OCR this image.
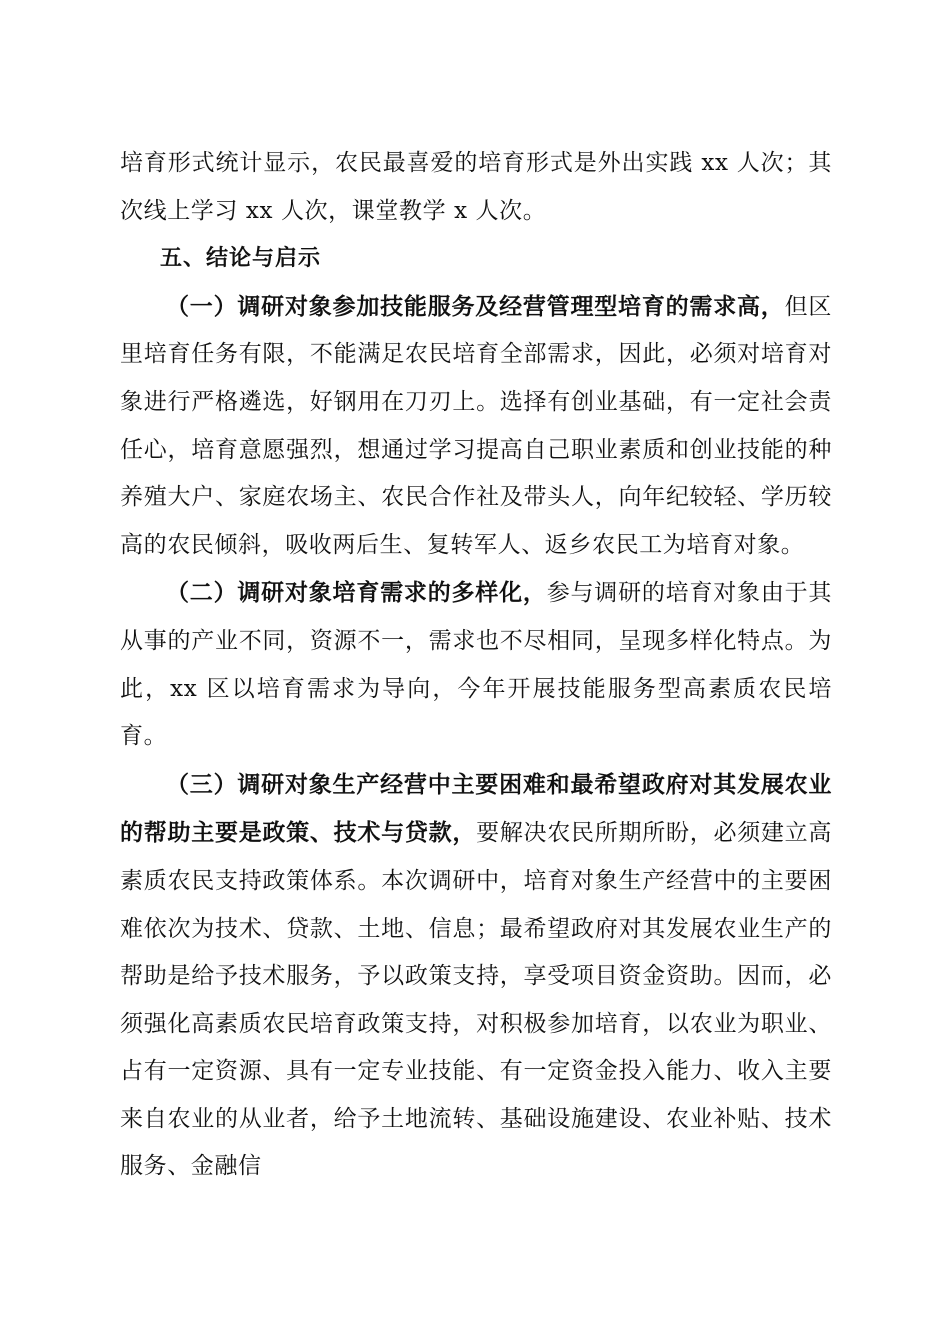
培育形式统计显示，农民最喜爱的培育形式是外出实践 xx 人次；其次线上学习 xx 人次，课堂教学 x 人次。

五、结论与启示

（一）调研对象参加技能服务及经营管理型培育的需求高，但区里培育任务有限，不能满足农民培育全部需求，因此，必须对培育对象进行严格遴选，好钢用在刀刃上。选择有创业基础，有一定社会责任心，培育意愿强烈，想通过学习提高自己职业素质和创业技能的种养殖大户、家庭农场主、农民合作社及带头人，向年纪较轻、学历较高的农民倾斜，吸收两后生、复转军人、返乡农民工为培育对象。

（二）调研对象培育需求的多样化，参与调研的培育对象由于其从事的产业不同，资源不一，需求也不尽相同，呈现多样化特点。为此，xx 区以培育需求为导向，今年开展技能服务型高素质农民培育。

（三）调研对象生产经营中主要困难和最希望政府对其发展农业的帮助主要是政策、技术与贷款，要解决农民所期所盼，必须建立高素质农民支持政策体系。本次调研中，培育对象生产经营中的主要困难依次为技术、贷款、土地、信息；最希望政府对其发展农业生产的帮助是给予技术服务，予以政策支持，享受项目资金资助。因而，必须强化高素质农民培育政策支持，对积极参加培育，以农业为职业、占有一定资源、具有一定专业技能、有一定资金投入能力、收入主要来自农业的从业者，给予土地流转、基础设施建设、农业补贴、技术服务、金融信
